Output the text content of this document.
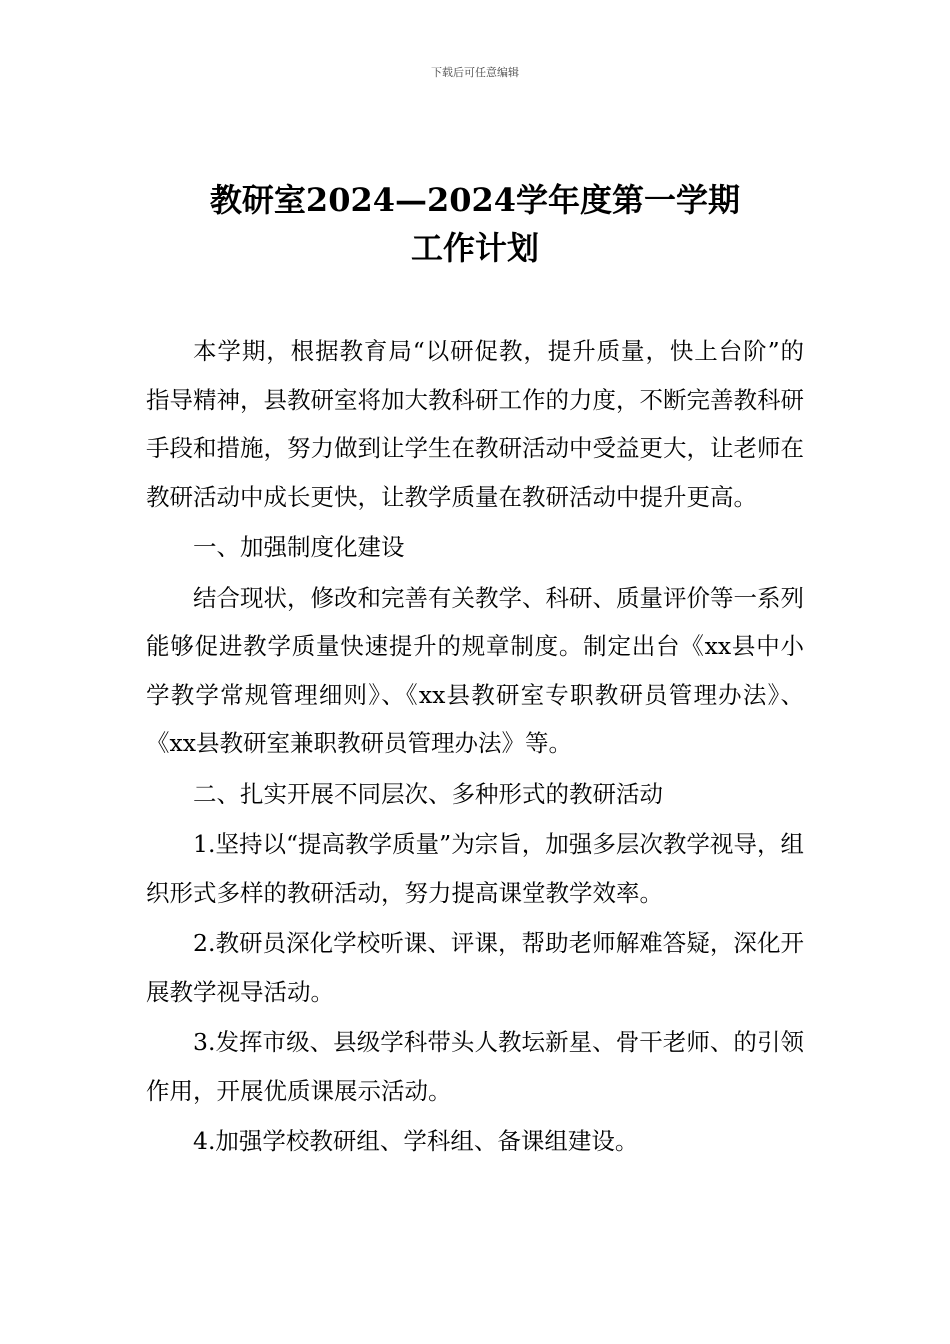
下载后可任意编辑
教研室2024—2024学年度第一学期
工作计划

本学期，根据教育局“以研促教，提升质量，快上台阶”的指导精神，县教研室将加大教科研工作的力度，不断完善教科研手段和措施，努力做到让学生在教研活动中受益更大，让老师在教研活动中成长更快，让教学质量在教研活动中提升更高。

一、加强制度化建设

结合现状，修改和完善有关教学、科研、质量评价等一系列能够促进教学质量快速提升的规章制度。制定出台《xx县中小学教学常规管理细则》、《xx县教研室专职教研员管理办法》、《xx县教研室兼职教研员管理办法》等。

二、扎实开展不同层次、多种形式的教研活动

1.坚持以“提高教学质量”为宗旨，加强多层次教学视导，组织形式多样的教研活动，努力提高课堂教学效率。

2.教研员深化学校听课、评课，帮助老师解难答疑，深化开展教学视导活动。

3.发挥市级、县级学科带头人教坛新星、骨干老师、的引领作用，开展优质课展示活动。

4.加强学校教研组、学科组、备课组建设。
